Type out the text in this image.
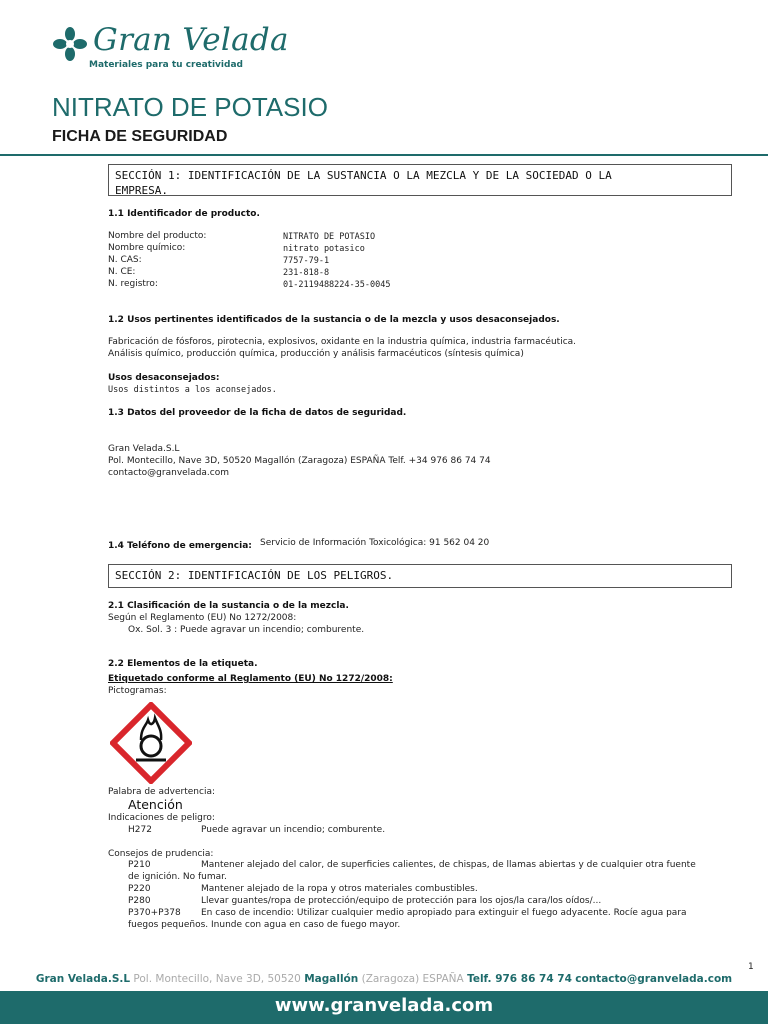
Gran Velada
Materiales para tu creatividad
NITRATO DE POTASIO
FICHA DE SEGURIDAD
SECCIÓN 1: IDENTIFICACIÓN DE LA SUSTANCIA O LA MEZCLA Y DE LA SOCIEDAD O LA
EMPRESA.
1.1 Identificador de producto.
Nombre del producto:	NITRATO DE POTASIO
Nombre químico:	nitrato potasico
N. CAS:	7757-79-1
N. CE:	231-818-8
N. registro:	01-2119488224-35-0045
1.2 Usos pertinentes identificados de la sustancia o de la mezcla y usos desaconsejados.
Fabricación de fósforos, pirotecnia, explosivos, oxidante en la industria química, industria farmacéutica.
Análisis químico, producción química, producción y análisis farmacéuticos (síntesis química)
Usos desaconsejados:
Usos distintos a los aconsejados.
1.3 Datos del proveedor de la ficha de datos de seguridad.
Gran Velada.S.L
Pol. Montecillo, Nave 3D, 50520 Magallón (Zaragoza) ESPAÑA Telf. +34 976 86 74 74
contacto@granvelada.com
1.4 Teléfono de emergencia: Servicio de Información Toxicológica: 91 562 04 20
SECCIÓN 2: IDENTIFICACIÓN DE LOS PELIGROS.
2.1 Clasificación de la sustancia o de la mezcla.
Según el Reglamento (EU) No 1272/2008:
Ox. Sol. 3 : Puede agravar un incendio; comburente.
2.2 Elementos de la etiqueta.
Etiquetado conforme al Reglamento (EU) No 1272/2008:
Pictogramas:
Palabra de advertencia:
Atención
Indicaciones de peligro:
H272	Puede agravar un incendio; comburente.
Consejos de prudencia:
P210	Mantener alejado del calor, de superficies calientes, de chispas, de llamas abiertas y de cualquier otra fuente
de ignición. No fumar.
P220	Mantener alejado de la ropa y otros materiales combustibles.
P280	Llevar guantes/ropa de protección/equipo de protección para los ojos/la cara/los oídos/...
P370+P378 En caso de incendio: Utilizar cualquier medio apropiado para extinguir el fuego adyacente. Rocíe agua para
fuegos pequeños. Inunde con agua en caso de fuego mayor.
1
Gran Velada.S.L Pol. Montecillo, Nave 3D, 50520 Magallón (Zaragoza) ESPAÑA Telf. 976 86 74 74 contacto@granvelada.com
www.granvelada.com
